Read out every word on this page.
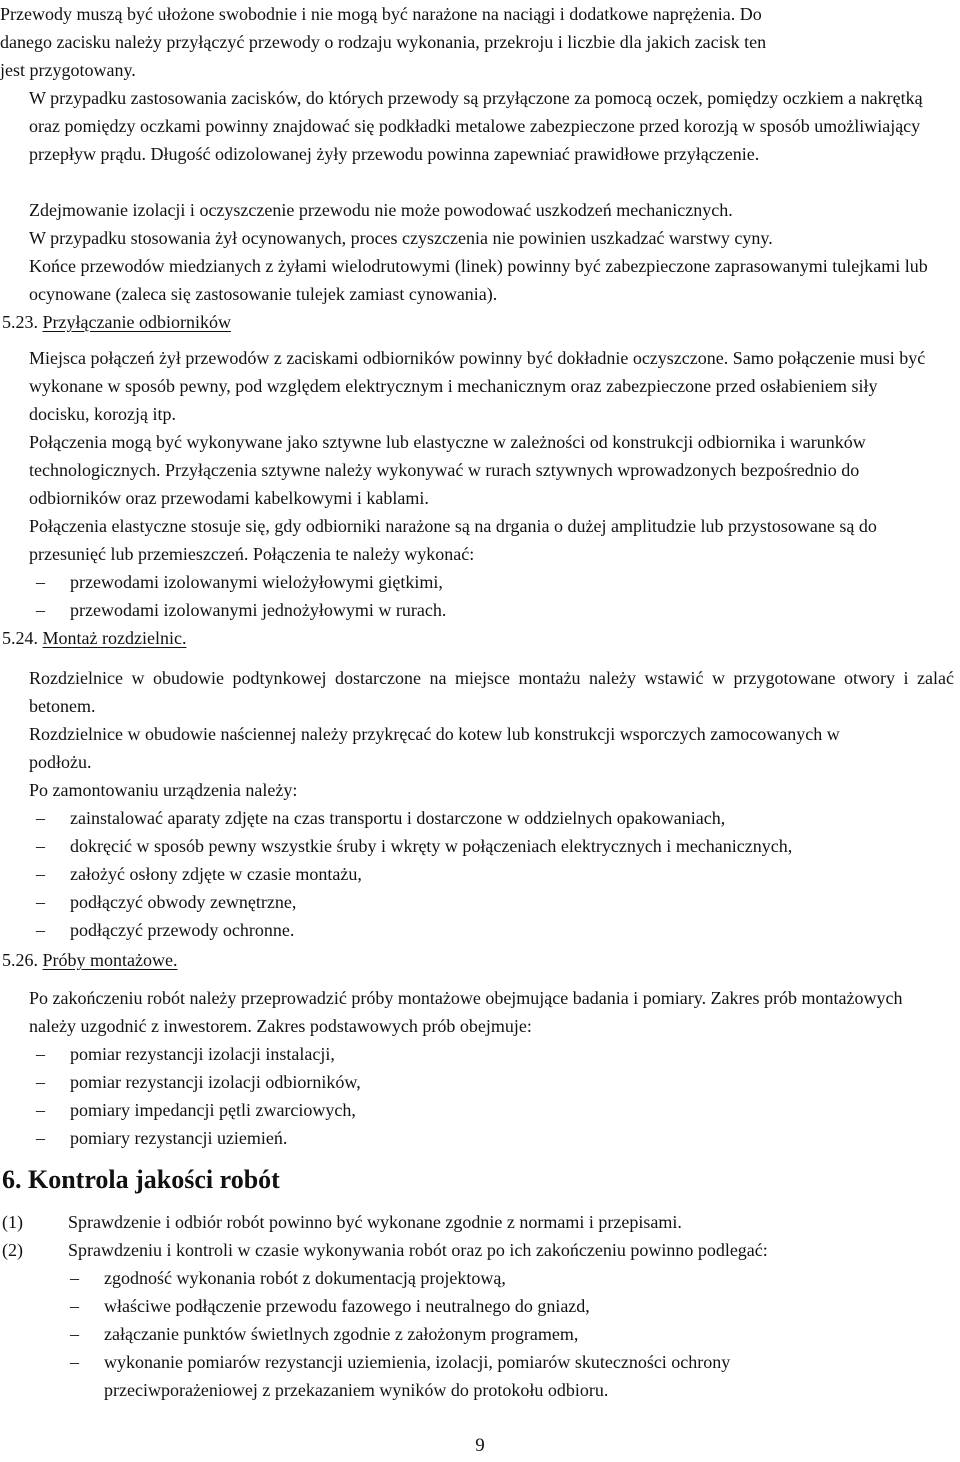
Przewody muszą być ułożone swobodnie i nie mogą być narażone na naciągi i dodatkowe naprężenia. Do
danego zacisku należy przyłączyć przewody o rodzaju wykonania, przekroju i liczbie dla jakich zacisk ten
jest przygotowany.

W przypadku zastosowania zacisków, do których przewody są przyłączone za pomocą oczek, pomiędzy oczkiem a nakrętką oraz pomiędzy oczkami powinny znajdować się podkładki metalowe zabezpieczone przed korozją w sposób umożliwiający przepływ prądu. Długość odizolowanej żyły przewodu powinna zapewniać prawidłowe przyłączenie.

Zdejmowanie izolacji i oczyszczenie przewodu nie może powodować uszkodzeń mechanicznych.

W przypadku stosowania żył ocynowanych, proces czyszczenia nie powinien uszkadzać warstwy cyny.

Końce przewodów miedzianych z żyłami wielodrutowymi (linek) powinny być zabezpieczone zaprasowanymi tulejkami lub ocynowane (zaleca się zastosowanie tulejek zamiast cynowania).

5.23. Przyłączanie odbiorników

Miejsca połączeń żył przewodów z zaciskami odbiorników powinny być dokładnie oczyszczone. Samo połączenie musi być wykonane w sposób pewny, pod względem elektrycznym i mechanicznym oraz zabezpieczone przed osłabieniem siły docisku, korozją itp.

Połączenia mogą być wykonywane jako sztywne lub elastyczne w zależności od konstrukcji odbiornika i warunków technologicznych. Przyłączenia sztywne należy wykonywać w rurach sztywnych wprowadzonych bezpośrednio do odbiorników oraz przewodami kabelkowymi i kablami.

Połączenia elastyczne stosuje się, gdy odbiorniki narażone są na drgania o dużej amplitudzie lub przystosowane są do przesunięć lub przemieszczeń. Połączenia te należy wykonać:

– przewodami izolowanymi wielożyłowymi giętkimi,
– przewodami izolowanymi jednożyłowymi w rurach.
5.24. Montaż rozdzielnic.

Rozdzielnice w obudowie podtynkowej dostarczone na miejsce montażu należy wstawić w przygotowane otwory i zalać betonem.

Rozdzielnice w obudowie naściennej należy przykręcać do kotew lub konstrukcji wsporczych zamocowanych w podłożu.

Po zamontowaniu urządzenia należy:

– zainstalować aparaty zdjęte na czas transportu i dostarczone w oddzielnych opakowaniach,
– dokręcić w sposób pewny wszystkie śruby i wkręty w połączeniach elektrycznych i mechanicznych,
– założyć osłony zdjęte w czasie montażu,
– podłączyć obwody zewnętrzne,
– podłączyć przewody ochronne.
5.26. Próby montażowe.

Po zakończeniu robót należy przeprowadzić próby montażowe obejmujące badania i pomiary. Zakres prób montażowych należy uzgodnić z inwestorem. Zakres podstawowych prób obejmuje:

– pomiar rezystancji izolacji instalacji,
– pomiar rezystancji izolacji odbiorników,
– pomiary impedancji pętli zwarciowych,
– pomiary rezystancji uziemień.
6. Kontrola jakości robót
(1)	Sprawdzenie i odbiór robót powinno być wykonane zgodnie z normami i przepisami.
(2)	Sprawdzeniu i kontroli w czasie wykonywania robót oraz po ich zakończeniu powinno podlegać:
– zgodność wykonania robót z dokumentacją projektową,
– właściwe podłączenie przewodu fazowego i neutralnego do gniazd,
– załączanie punktów świetlnych zgodnie z założonym programem,
– wykonanie pomiarów rezystancji uziemienia, izolacji, pomiarów skuteczności ochrony przeciwporażeniowej z przekazaniem wyników do protokołu odbioru.
9
